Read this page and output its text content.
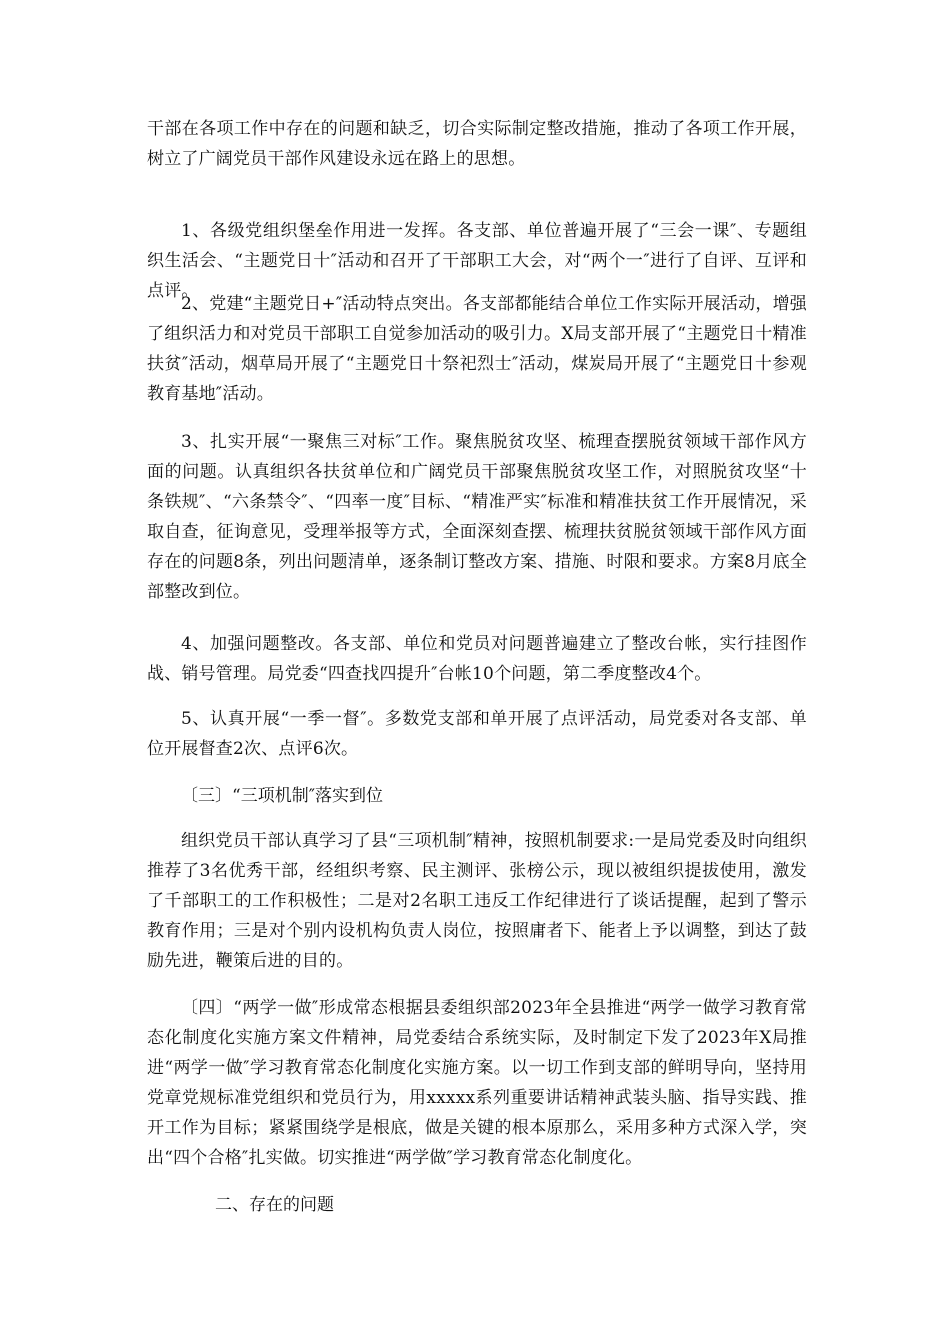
干部在各项工作中存在的问题和缺乏，切合实际制定整改措施，推动了各项工作开展，树立了广阔党员干部作风建设永远在路上的思想。

1、各级党组织堡垒作用进一发挥。各支部、单位普遍开展了“三会一课″、专题组织生活会、“主题党日十″活动和召开了干部职工大会，对“两个一″进行了自评、互评和点评。

2、党建“主题党日+″活动特点突出。各支部都能结合单位工作实际开展活动，增强了组织活力和对党员干部职工自觉参加活动的吸引力。X局支部开展了“主题党日十精准扶贫″活动，烟草局开展了“主题党日十祭祀烈士″活动，煤炭局开展了“主题党日十参观教育基地″活动。

3、扎实开展“一聚焦三对标″工作。聚焦脱贫攻坚、梳理查摆脱贫领域干部作风方面的问题。认真组织各扶贫单位和广阔党员干部聚焦脱贫攻坚工作，对照脱贫攻坚“十条铁规″、“六条禁令″、“四率一度″目标、“精准严实″标准和精准扶贫工作开展情况，采取自查，征询意见，受理举报等方式，全面深刻查摆、梳理扶贫脱贫领域干部作风方面存在的问题8条，列出问题清单，逐条制订整改方案、措施、时限和要求。方案8月底全部整改到位。

4、加强问题整改。各支部、单位和党员对问题普遍建立了整改台帐，实行挂图作战、销号管理。局党委“四查找四提升″台帐10个问题，第二季度整改4个。

5、认真开展“一季一督″。多数党支部和单开展了点评活动，局党委对各支部、单位开展督查2次、点评6次。

〔三〕“三项机制″落实到位

组织党员干部认真学习了县“三项机制″精神，按照机制要求:一是局党委及时向组织推荐了3名优秀干部，经组织考察、民主测评、张榜公示，现以被组织提拔使用，激发了千部职工的工作积极性；二是对2名职工违反工作纪律进行了谈话提醒，起到了警示教育作用；三是对个别内设机构负责人岗位，按照庸者下、能者上予以调整，到达了鼓励先进，鞭策后进的目的。

〔四〕“两学一做″形成常态根据县委组织部2023年全县推进“两学一做学习教育常态化制度化实施方案文件精神，局党委结合系统实际，及时制定下发了2023年X局推进“两学一做″学习教育常态化制度化实施方案。以一切工作到支部的鲜明导向，坚持用党章党规标准党组织和党员行为，用xxxxx系列重要讲话精神武装头脑、指导实践、推开工作为目标；紧紧围绕学是根底，做是关键的根本原那么，采用多种方式深入学，突出“四个合格″扎实做。切实推进“两学做″学习教育常态化制度化。

二、存在的问题
